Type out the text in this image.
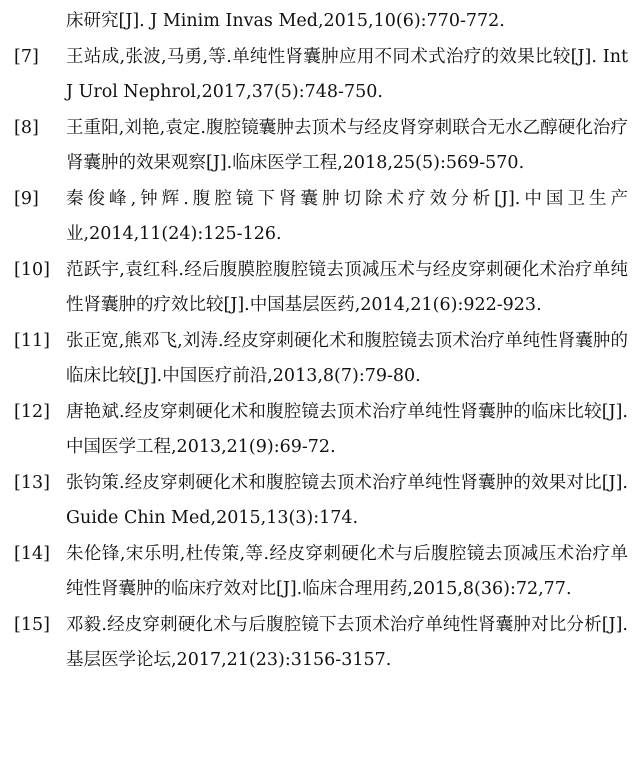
床研究[J]. J Minim Invas Med,2015,10(6):770-772.
[7]	王站成,张波,马勇,等.单纯性肾囊肿应用不同术式治疗的效果比较[J]. Int J Urol Nephrol,2017,37(5):748-750.
[8]	王重阳,刘艳,袁定.腹腔镜囊肿去顶术与经皮肾穿刺联合无水乙醇硬化治疗肾囊肿的效果观察[J].临床医学工程,2018,25(5):569-570.
[9]	秦俊峰,钟辉.腹腔镜下肾囊肿切除术疗效分析[J].中国卫生产业,2014,11(24):125-126.
[10] 范跃宇,袁红科.经后腹膜腔腹腔镜去顶减压术与经皮穿刺硬化术治疗单纯性肾囊肿的疗效比较[J].中国基层医药,2014,21(6):922-923.
[11] 张正宽,熊邓飞,刘涛.经皮穿刺硬化术和腹腔镜去顶术治疗单纯性肾囊肿的临床比较[J].中国医疗前沿,2013,8(7):79-80.
[12] 唐艳斌.经皮穿刺硬化术和腹腔镜去顶术治疗单纯性肾囊肿的临床比较[J].中国医学工程,2013,21(9):69-72.
[13] 张钧策.经皮穿刺硬化术和腹腔镜去顶术治疗单纯性肾囊肿的效果对比[J]. Guide Chin Med,2015,13(3):174.
[14] 朱伦锋,宋乐明,杜传策,等.经皮穿刺硬化术与后腹腔镜去顶减压术治疗单纯性肾囊肿的临床疗效对比[J].临床合理用药,2015,8(36):72,77.
[15] 邓毅.经皮穿刺硬化术与后腹腔镜下去顶术治疗单纯性肾囊肿对比分析[J].基层医学论坛,2017,21(23):3156-3157.
